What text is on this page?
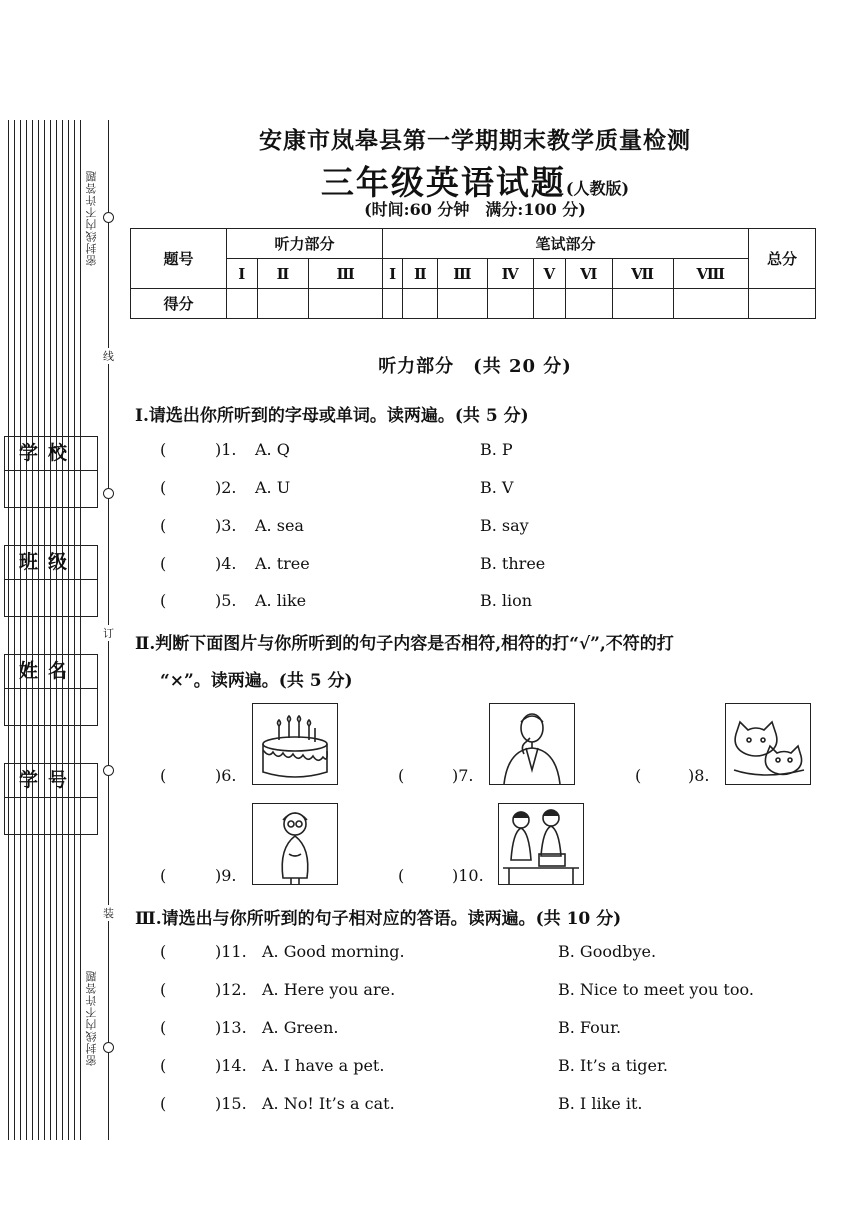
密封线内不许答题
密封线内不许答题
线
订
装
学校
班级
姓名
学号
安康市岚皋县第一学期期末教学质量检测
三年级英语试题(人教版)
(时间:60 分钟　满分:100 分)
题号	听力部分			笔试部分								总分
	Ⅰ	Ⅱ	Ⅲ	Ⅰ	Ⅱ	Ⅲ	Ⅳ	Ⅴ	Ⅵ	Ⅶ	Ⅷ	
得分												
听力部分　(共 20 分)
Ⅰ.请选出你所听到的字母或单词。读两遍。(共 5 分)
(	)1. A. Q	B. P
(	)2. A. U	B. V
(	)3. A. sea	B. say
(	)4. A. tree	B. three
(	)5. A. like	B. lion
Ⅱ.判断下面图片与你所听到的句子内容是否相符,相符的打“√”,不符的打
“×”。读两遍。(共 5 分)
(	)6.	(	)7.	(	)8.
(	)9.	(	)10.
Ⅲ.请选出与你所听到的句子相对应的答语。读两遍。(共 10 分)
(	)11. A. Good morning.	B. Goodbye.
(	)12. A. Here you are.	B. Nice to meet you too.
(	)13. A. Green.	B. Four.
(	)14. A. I have a pet.	B. It’s a tiger.
(	)15. A. No! It’s a cat.	B. I like it.
